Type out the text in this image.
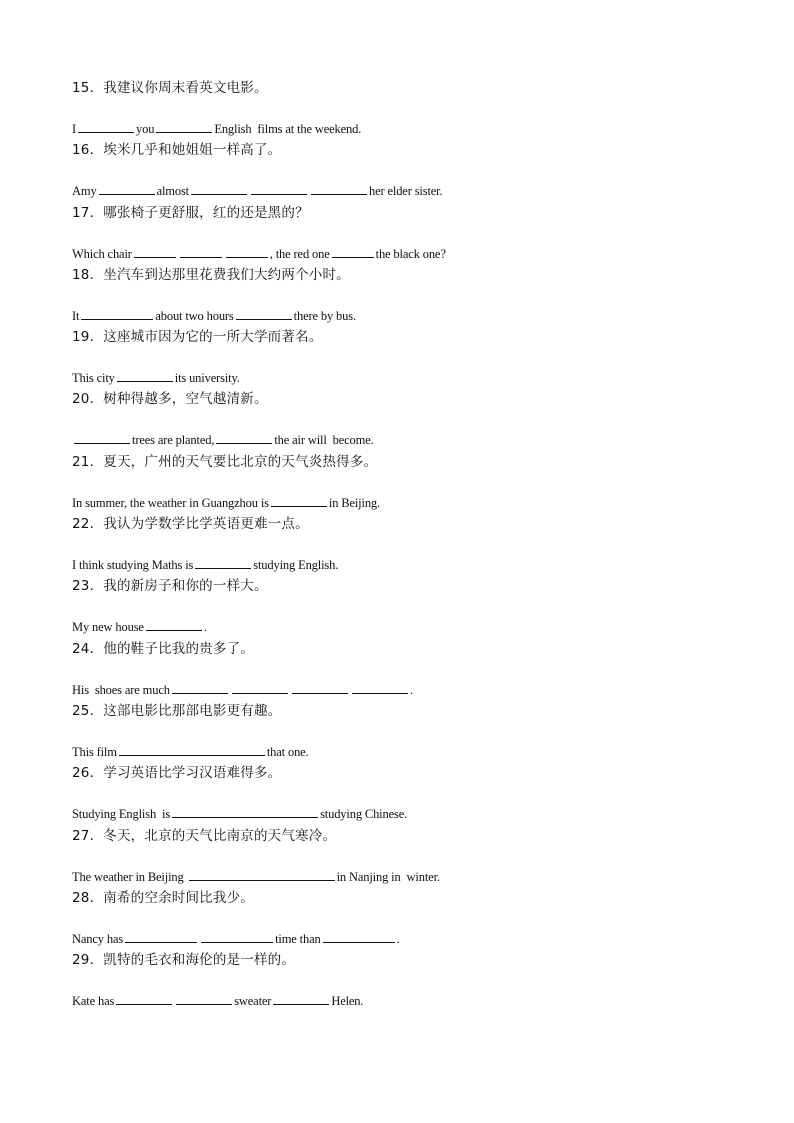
15．我建议你周末看英文电影。
I	you	English  films at the weekend.
16．埃米几乎和她姐姐一样高了。
Amy	almost	her elder sister.
17．哪张椅子更舒服，红的还是黑的？
Which chair	, the red one	the black one?
18．坐汽车到达那里花费我们大约两个小时。
It	about two hours	there by bus.
19．这座城市因为它的一所大学而著名。
This city	its university.
20．树种得越多，空气越清新。
trees are planted,	the air will  become.
21．夏天，广州的天气要比北京的天气炎热得多。
In summer, the weather in Guangzhou is	in Beijing.
22．我认为学数学比学英语更难一点。
I think studying Maths is	studying English.
23．我的新房子和你的一样大。
My new house	.
24．他的鞋子比我的贵多了。
His  shoes are much	.
25．这部电影比那部电影更有趣。
This film	that one.
26．学习英语比学习汉语难得多。
Studying English  is	studying Chinese.
27．冬天，北京的天气比南京的天气寒冷。
The weather in Beijing	in Nanjing in  winter.
28．南希的空余时间比我少。
Nancy has	time than	.
29．凯特的毛衣和海伦的是一样的。
Kate has	sweater	Helen.
